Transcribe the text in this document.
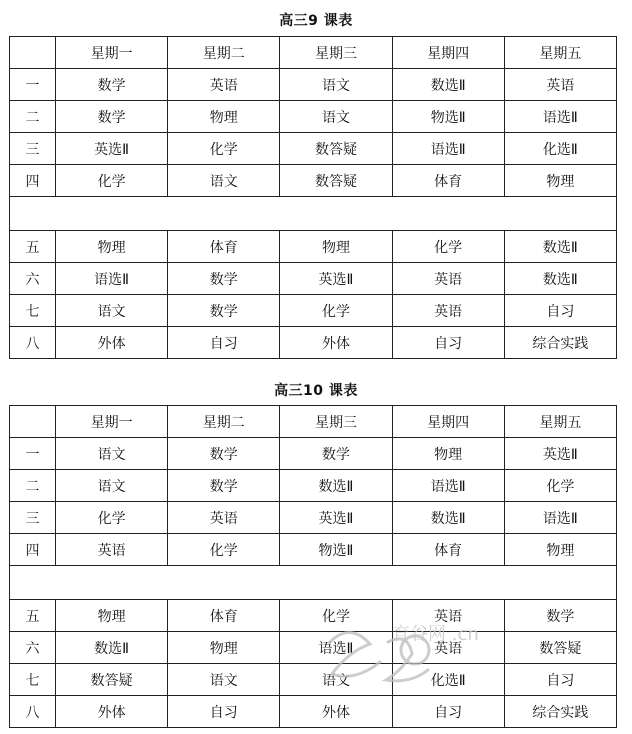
高三9 课表
	星期一	星期二	星期三	星期四	星期五
一	数学	英语	语文	数选Ⅱ	英语
二	数学	物理	语文	物选Ⅱ	语选Ⅱ
三	英选Ⅱ	化学	数答疑	语选Ⅱ	化选Ⅱ
四	化学	语文	数答疑	体育	物理

五	物理	体育	物理	化学	数选Ⅱ
六	语选Ⅱ	数学	英选Ⅱ	英语	数选Ⅱ
七	语文	数学	化学	英语	自习
八	外体	自习	外体	自习	综合实践
高三10 课表
	星期一	星期二	星期三	星期四	星期五
一	语文	数学	数学	物理	英选Ⅱ
二	语文	数学	数选Ⅱ	语选Ⅱ	化学
三	化学	英语	英选Ⅱ	数选Ⅱ	语选Ⅱ
四	英语	化学	物选Ⅱ	体育	物理

五	物理	体育	化学	英语	数学
六	数选Ⅱ	物理	语选Ⅱ	英语	数答疑
七	数答疑	语文	语文	化选Ⅱ	自习
八	外体	自习	外体	自习	综合实践
育谷网 .cn
